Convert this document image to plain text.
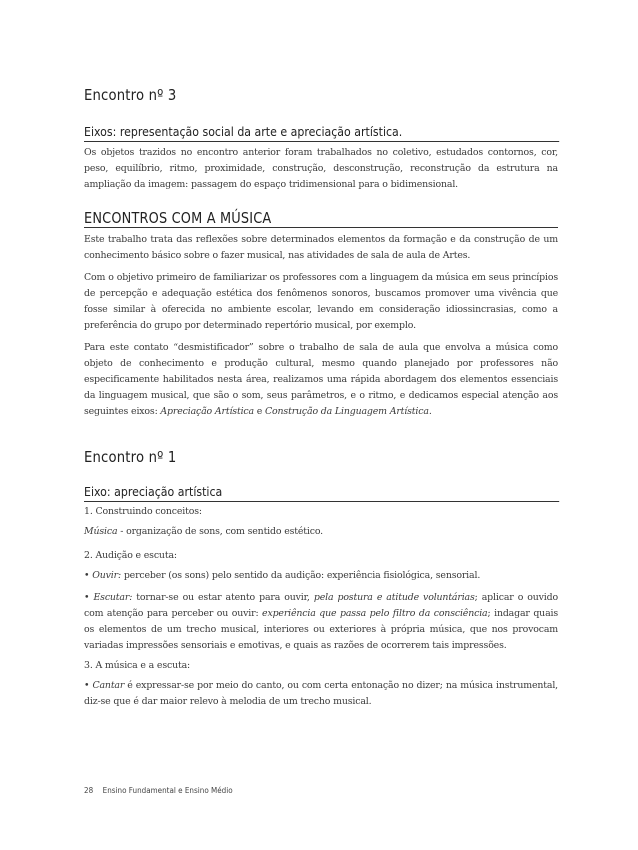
Encontro nº 3
Eixos: representação social da arte e apreciação artística.

Os objetos trazidos no encontro anterior foram trabalhados no coletivo, estudados contornos, cor, peso, equilíbrio, ritmo, proximidade, construção, desconstrução, reconstrução da estrutura na ampliação da imagem: passagem do espaço tridimensional para o bidimensional.

ENCONTROS COM A MÚSICA

Este trabalho trata das reflexões sobre determinados elementos da formação e da construção de um conhecimento básico sobre o fazer musical, nas atividades de sala de aula de Artes.

Com o objetivo primeiro de familiarizar os professores com a linguagem da música em seus princípios de percepção e adequação estética dos fenômenos sonoros, buscamos promover uma vivência que fosse similar à oferecida no ambiente escolar, levando em consideração idiossincrasias, como a preferência do grupo por determinado repertório musical, por exemplo.

Para este contato “desmistificador” sobre o trabalho de sala de aula que envolva a música como objeto de conhecimento e produção cultural, mesmo quando planejado por professores não especificamente habilitados nesta área, realizamos uma rápida abordagem dos elementos essenciais da linguagem musical, que são o som, seus parâmetros, e o ritmo, e dedicamos especial atenção aos seguintes eixos: Apreciação Artística e Construção da Linguagem Artística.

Encontro nº 1
Eixo: apreciação artística

1. Construindo conceitos:

Música - organização de sons, com sentido estético.

2. Audição e escuta:

• Ouvir: perceber (os sons) pelo sentido da audição: experiência fisiológica, sensorial.

• Escutar: tornar-se ou estar atento para ouvir, pela postura e atitude voluntárias; aplicar o ouvido com atenção para perceber ou ouvir: experiência que passa pelo filtro da consciência; indagar quais os elementos de um trecho musical, interiores ou exteriores à própria música, que nos provocam variadas impressões sensoriais e emotivas, e quais as razões de ocorrerem tais impressões.

3. A música e a escuta:

• Cantar é expressar-se por meio do canto, ou com certa entonação no dizer; na música instrumental, diz-se que é dar maior relevo à melodia de um trecho musical.

28 Ensino Fundamental e Ensino Médio
